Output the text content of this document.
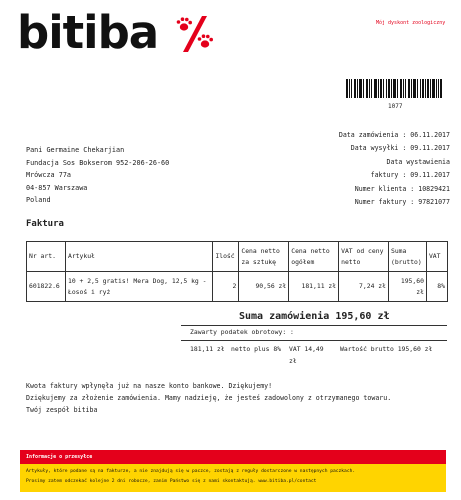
bitiba	Mój dyskont zoologiczny
1077
Data zamówienia : 06.11.2017
Data wysyłki : 09.11.2017
Data wystawienia
faktury : 09.11.2017
Numer klienta : 10829421
Numer faktury : 97821077
Pani Germaine Chekarjian
Fundacja Sos Bokserom 952-206-26-60
Mrówcza 77a
04-857 Warszawa
Poland
Faktura
Nr art.	Artykuł	Ilość	Cena netto za sztukę	Cena netto ogółem	VAT od ceny netto	Suma (brutto)	VAT
601822.6	10 + 2,5 gratis! Mera Dog, 12,5 kg - Łosoś i ryż	2	90,56 zł	181,11 zł	7,24 zł	195,60 zł	8%
Suma zamówienia 195,60 zł
Zawarty podatek obrotowy: :
181,11 zł netto plus 8%	VAT 14,49 zł
Wartość brutto 195,60 zł
Kwota faktury wpłynęła już na nasze konto bankowe. Dziękujemy!
Dziękujemy za złożenie zamówienia. Mamy nadzieję, że jesteś zadowolony z otrzymanego towaru.
Twój zespół bitiba
Informacje o przesyłce
Artykuły, które podane są na fakturze, a nie znajdują się w paczce, zostają z reguły dostarczone w następnych paczkach.
Prosimy zatem odczekać kolejne 2 dni robocze, zanim Państwo się z nami skontaktują. www.bitiba.pl/contact
